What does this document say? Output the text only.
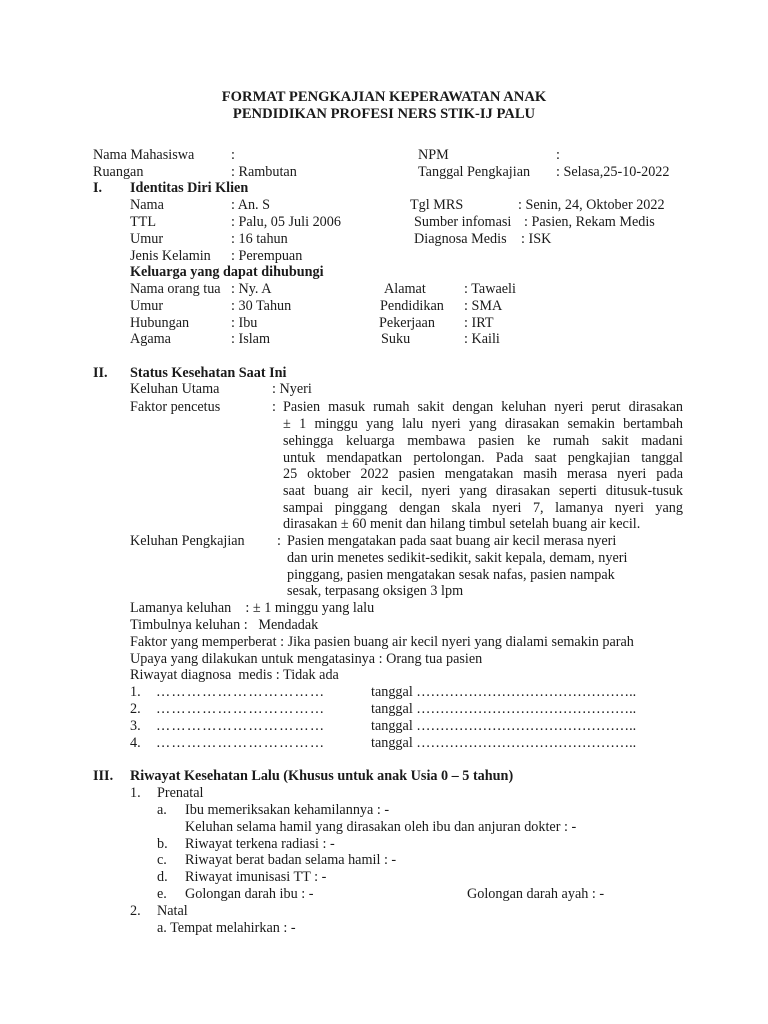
FORMAT PENGKAJIAN KEPERAWATAN ANAK
PENDIDIKAN PROFESI NERS STIK-IJ PALU
Nama Mahasiswa	:	NPM	:
Ruangan	: Rambutan	Tanggal Pengkajian : Selasa,25-10-2022
I. Identitas Diri Klien
Nama	: An. S	Tgl MRS	: Senin, 24, Oktober 2022
TTL	: Palu, 05 Juli 2006	Sumber infomasi : Pasien, Rekam Medis
Umur	: 16 tahun	Diagnosa Medis : ISK
Jenis Kelamin : Perempuan
Keluarga yang dapat dihubungi
Nama orang tua : Ny. A	Alamat	: Tawaeli
Umur	: 30 Tahun	Pendidikan : SMA
Hubungan	: Ibu	Pekerjaan : IRT
Agama	: Islam	Suku	: Kaili
II. Status Kesehatan Saat Ini
Keluhan Utama	: Nyeri
Faktor pencetus	: Pasien masuk rumah sakit dengan keluhan nyeri perut dirasakan
± 1 minggu yang lalu nyeri yang dirasakan semakin bertambah
sehingga keluarga membawa pasien ke rumah sakit madani
untuk mendapatkan pertolongan. Pada saat pengkajian tanggal
25 oktober 2022 pasien mengatakan masih merasa nyeri pada
saat buang air kecil, nyeri yang dirasakan seperti ditusuk-tusuk
sampai pinggang dengan skala nyeri 7, lamanya nyeri yang
dirasakan ± 60 menit dan hilang timbul setelah buang air kecil.
Keluhan Pengkajian : Pasien mengatakan pada saat buang air kecil merasa nyeri
dan urin menetes sedikit-sedikit, sakit kepala, demam, nyeri
pinggang, pasien mengatakan sesak nafas, pasien nampak
sesak, terpasang oksigen 3 lpm
Lamanya keluhan    : ± 1 minggu yang lalu
Timbulnya keluhan :   Mendadak
Faktor yang memperberat : Jika pasien buang air kecil nyeri yang dialami semakin parah
Upaya yang dilakukan untuk mengatasinya : Orang tua pasien
Riwayat diagnosa  medis : Tidak ada
1. ……………………………	tanggal ………………………………………..
2. ……………………………	tanggal ………………………………………..
3. ……………………………	tanggal ………………………………………..
4. ……………………………	tanggal ………………………………………..
III. Riwayat Kesehatan Lalu (Khusus untuk anak Usia 0 – 5 tahun)
1. Prenatal
a. Ibu memeriksakan kehamilannya : -
Keluhan selama hamil yang dirasakan oleh ibu dan anjuran dokter : -
b. Riwayat terkena radiasi : -
c. Riwayat berat badan selama hamil : -
d. Riwayat imunisasi TT : -
e. Golongan darah ibu : -	Golongan darah ayah : -
2. Natal
a. Tempat melahirkan : -
